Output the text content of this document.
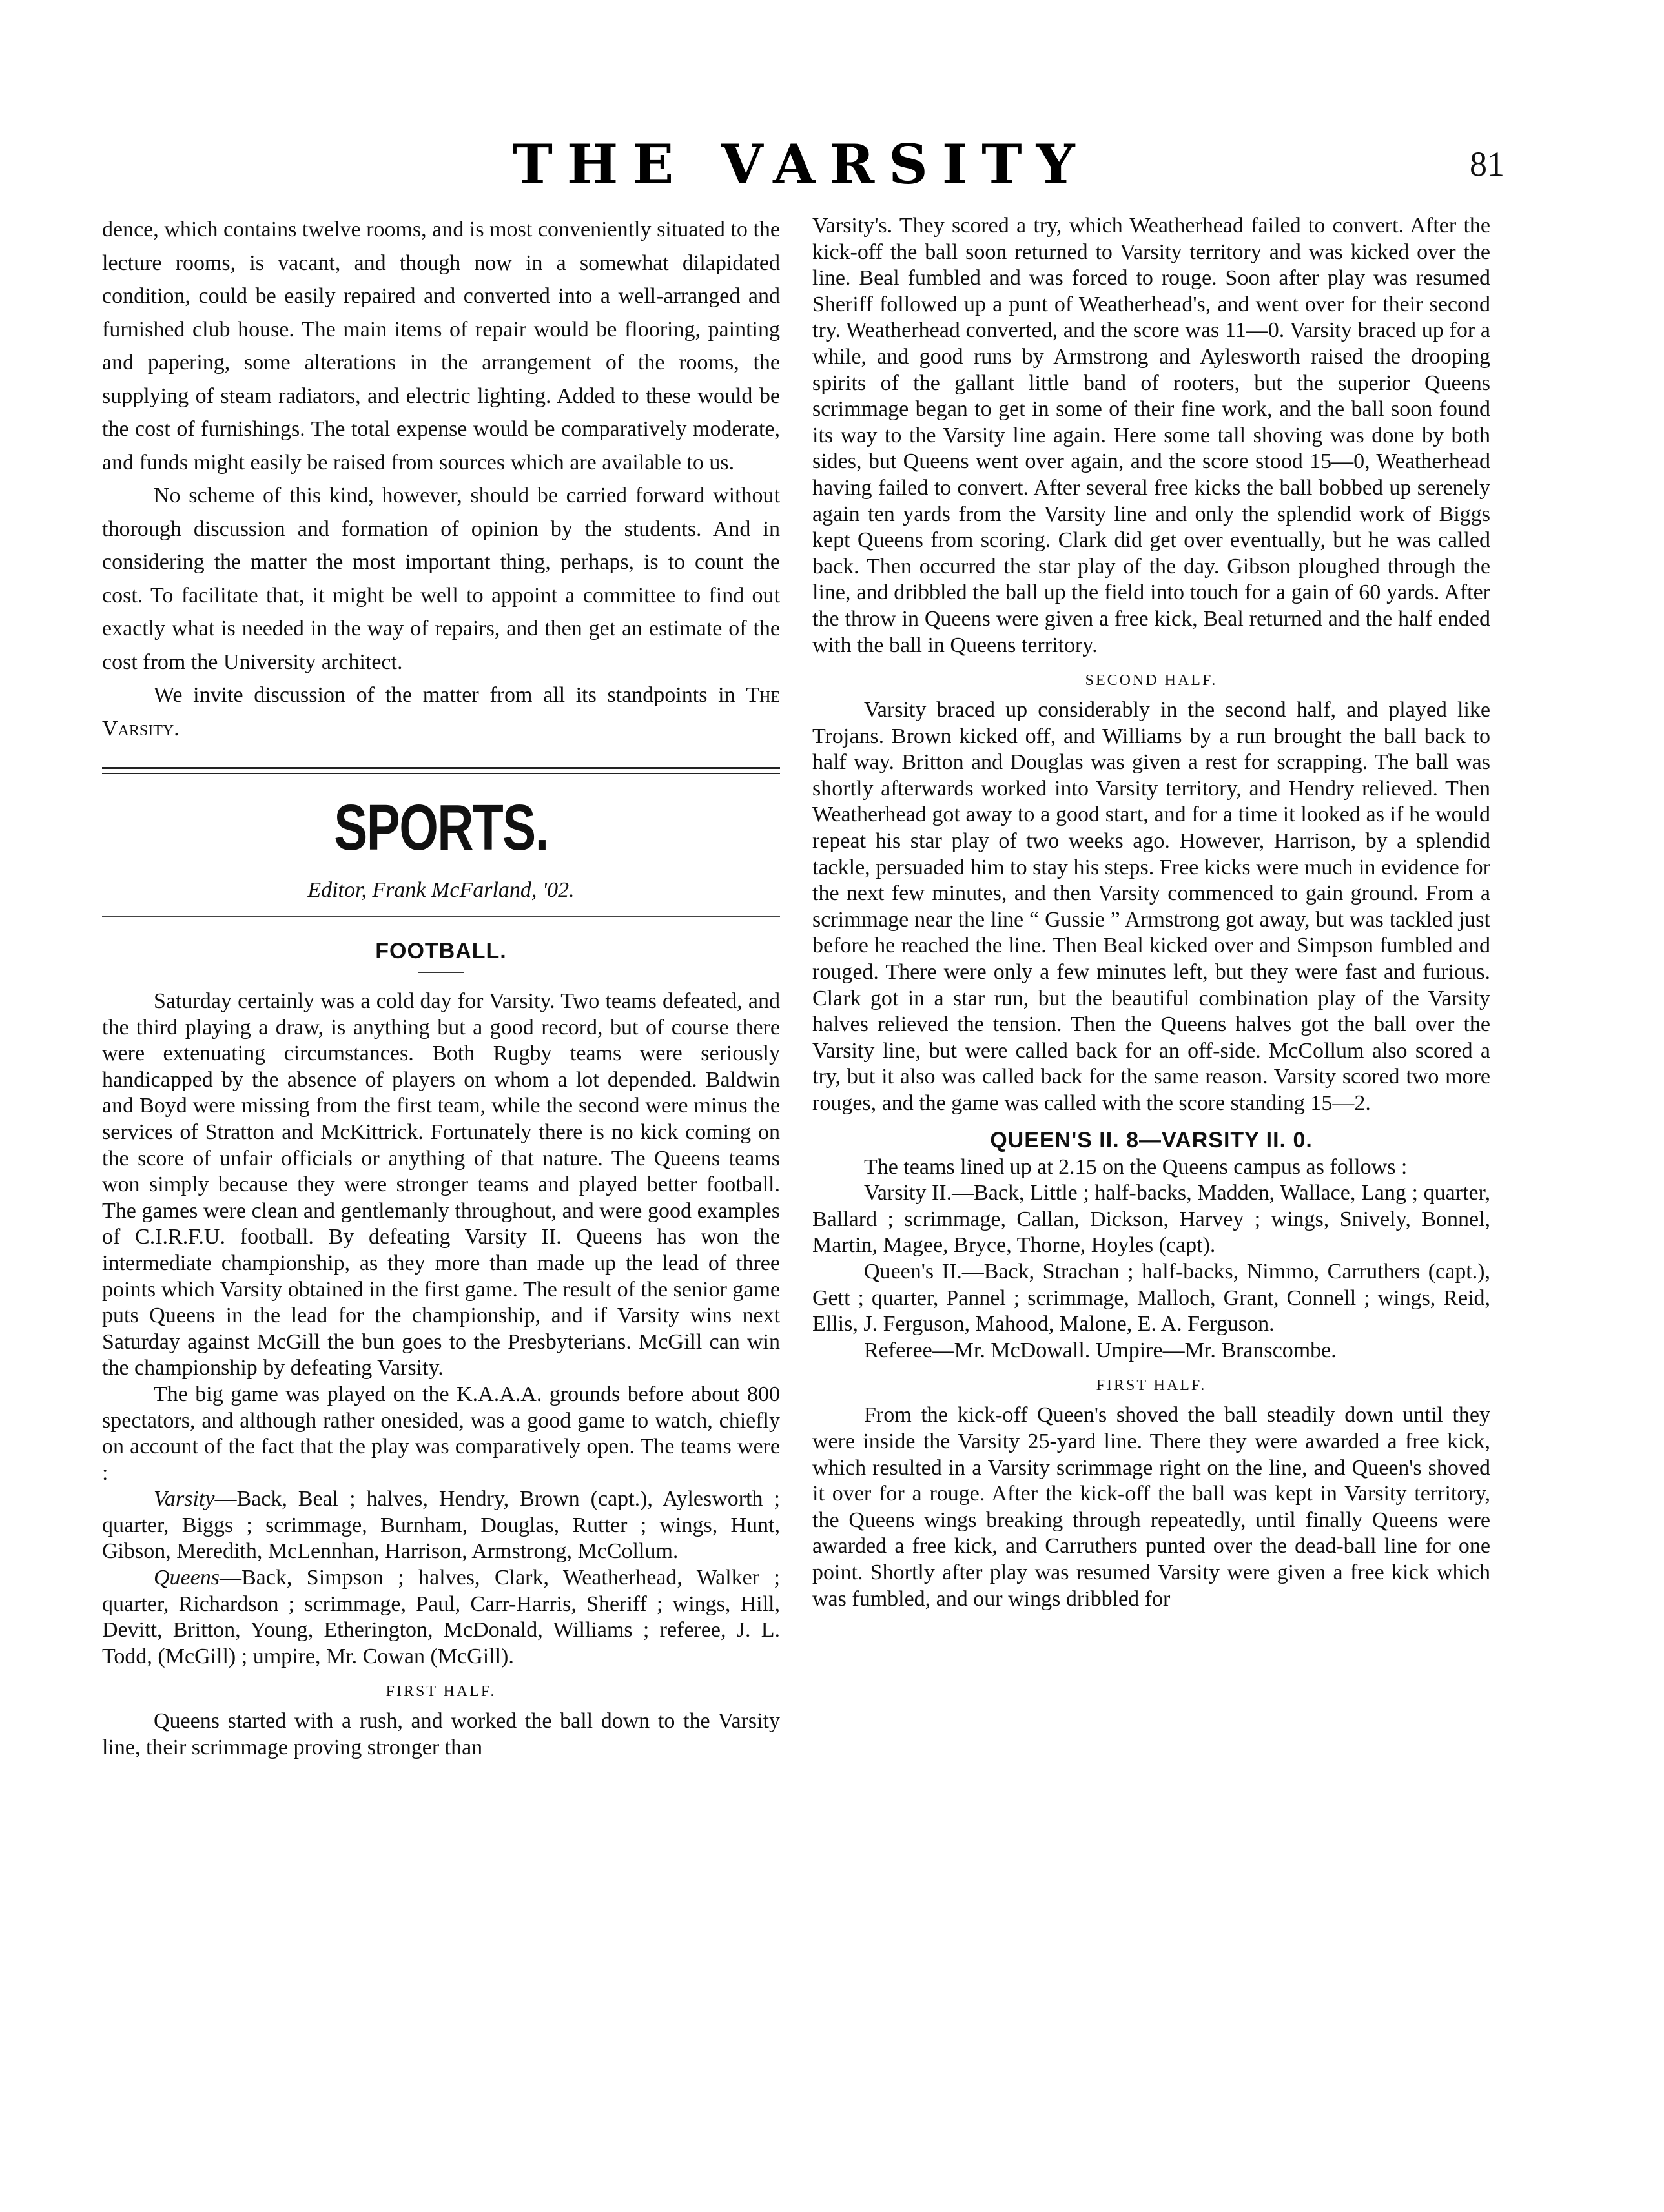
THE VARSITY	81

dence, which contains twelve rooms, and is most conveniently situated to the lecture rooms, is vacant, and though now in a somewhat dilapidated condition, could be easily repaired and converted into a well-arranged and furnished club house. The main items of repair would be flooring, painting and papering, some alterations in the arrangement of the rooms, the supplying of steam radiators, and electric lighting. Added to these would be the cost of furnishings. The total expense would be comparatively moderate, and funds might easily be raised from sources which are available to us.

No scheme of this kind, however, should be carried forward without thorough discussion and formation of opinion by the students. And in considering the matter the most important thing, perhaps, is to count the cost. To facilitate that, it might be well to appoint a committee to find out exactly what is needed in the way of repairs, and then get an estimate of the cost from the University architect.

We invite discussion of the matter from all its standpoints in The Varsity.

SPORTS.
Editor, Frank McFarland, '02.
FOOTBALL.

Saturday certainly was a cold day for Varsity. Two teams defeated, and the third playing a draw, is anything but a good record, but of course there were extenuating circumstances. Both Rugby teams were seriously handicapped by the absence of players on whom a lot depended. Baldwin and Boyd were missing from the first team, while the second were minus the services of Stratton and McKittrick. Fortunately there is no kick coming on the score of unfair officials or anything of that nature. The Queens teams won simply because they were stronger teams and played better football. The games were clean and gentlemanly throughout, and were good examples of C.I.R.F.U. football. By defeating Varsity II. Queens has won the intermediate championship, as they more than made up the lead of three points which Varsity obtained in the first game. The result of the senior game puts Queens in the lead for the championship, and if Varsity wins next Saturday against McGill the bun goes to the Presbyterians. McGill can win the championship by defeating Varsity.

The big game was played on the K.A.A.A. grounds before about 800 spectators, and although rather onesided, was a good game to watch, chiefly on account of the fact that the play was comparatively open. The teams were :

Varsity—Back, Beal ; halves, Hendry, Brown (capt.), Aylesworth ; quarter, Biggs ; scrimmage, Burnham, Douglas, Rutter ; wings, Hunt, Gibson, Meredith, McLennhan, Harrison, Armstrong, McCollum.

Queens—Back, Simpson ; halves, Clark, Weatherhead, Walker ; quarter, Richardson ; scrimmage, Paul, Carr-Harris, Sheriff ; wings, Hill, Devitt, Britton, Young, Etherington, McDonald, Williams ; referee, J. L. Todd, (McGill) ; umpire, Mr. Cowan (McGill).

FIRST HALF.

Queens started with a rush, and worked the ball down to the Varsity line, their scrimmage proving stronger than

Varsity's. They scored a try, which Weatherhead failed to convert. After the kick-off the ball soon returned to Varsity territory and was kicked over the line. Beal fumbled and was forced to rouge. Soon after play was resumed Sheriff followed up a punt of Weatherhead's, and went over for their second try. Weatherhead converted, and the score was 11—0. Varsity braced up for a while, and good runs by Armstrong and Aylesworth raised the drooping spirits of the gallant little band of rooters, but the superior Queens scrimmage began to get in some of their fine work, and the ball soon found its way to the Varsity line again. Here some tall shoving was done by both sides, but Queens went over again, and the score stood 15—0, Weatherhead having failed to convert. After several free kicks the ball bobbed up serenely again ten yards from the Varsity line and only the splendid work of Biggs kept Queens from scoring. Clark did get over eventually, but he was called back. Then occurred the star play of the day. Gibson ploughed through the line, and dribbled the ball up the field into touch for a gain of 60 yards. After the throw in Queens were given a free kick, Beal returned and the half ended with the ball in Queens territory.

SECOND HALF.

Varsity braced up considerably in the second half, and played like Trojans. Brown kicked off, and Williams by a run brought the ball back to half way. Britton and Douglas was given a rest for scrapping. The ball was shortly afterwards worked into Varsity territory, and Hendry relieved. Then Weatherhead got away to a good start, and for a time it looked as if he would repeat his star play of two weeks ago. However, Harrison, by a splendid tackle, persuaded him to stay his steps. Free kicks were much in evidence for the next few minutes, and then Varsity commenced to gain ground. From a scrimmage near the line “ Gussie ” Armstrong got away, but was tackled just before he reached the line. Then Beal kicked over and Simpson fumbled and rouged. There were only a few minutes left, but they were fast and furious. Clark got in a star run, but the beautiful combination play of the Varsity halves relieved the tension. Then the Queens halves got the ball over the Varsity line, but were called back for an off-side. McCollum also scored a try, but it also was called back for the same reason. Varsity scored two more rouges, and the game was called with the score standing 15—2.

QUEEN'S II. 8—VARSITY II. 0.

The teams lined up at 2.15 on the Queens campus as follows :

Varsity II.—Back, Little ; half-backs, Madden, Wallace, Lang ; quarter, Ballard ; scrimmage, Callan, Dickson, Harvey ; wings, Snively, Bonnel, Martin, Magee, Bryce, Thorne, Hoyles (capt).

Queen's II.—Back, Strachan ; half-backs, Nimmo, Carruthers (capt.), Gett ; quarter, Pannel ; scrimmage, Malloch, Grant, Connell ; wings, Reid, Ellis, J. Ferguson, Mahood, Malone, E. A. Ferguson.

Referee—Mr. McDowall. Umpire—Mr. Branscombe.

FIRST HALF.

From the kick-off Queen's shoved the ball steadily down until they were inside the Varsity 25-yard line. There they were awarded a free kick, which resulted in a Varsity scrimmage right on the line, and Queen's shoved it over for a rouge. After the kick-off the ball was kept in Varsity territory, the Queens wings breaking through repeatedly, until finally Queens were awarded a free kick, and Carruthers punted over the dead-ball line for one point. Shortly after play was resumed Varsity were given a free kick which was fumbled, and our wings dribbled for
